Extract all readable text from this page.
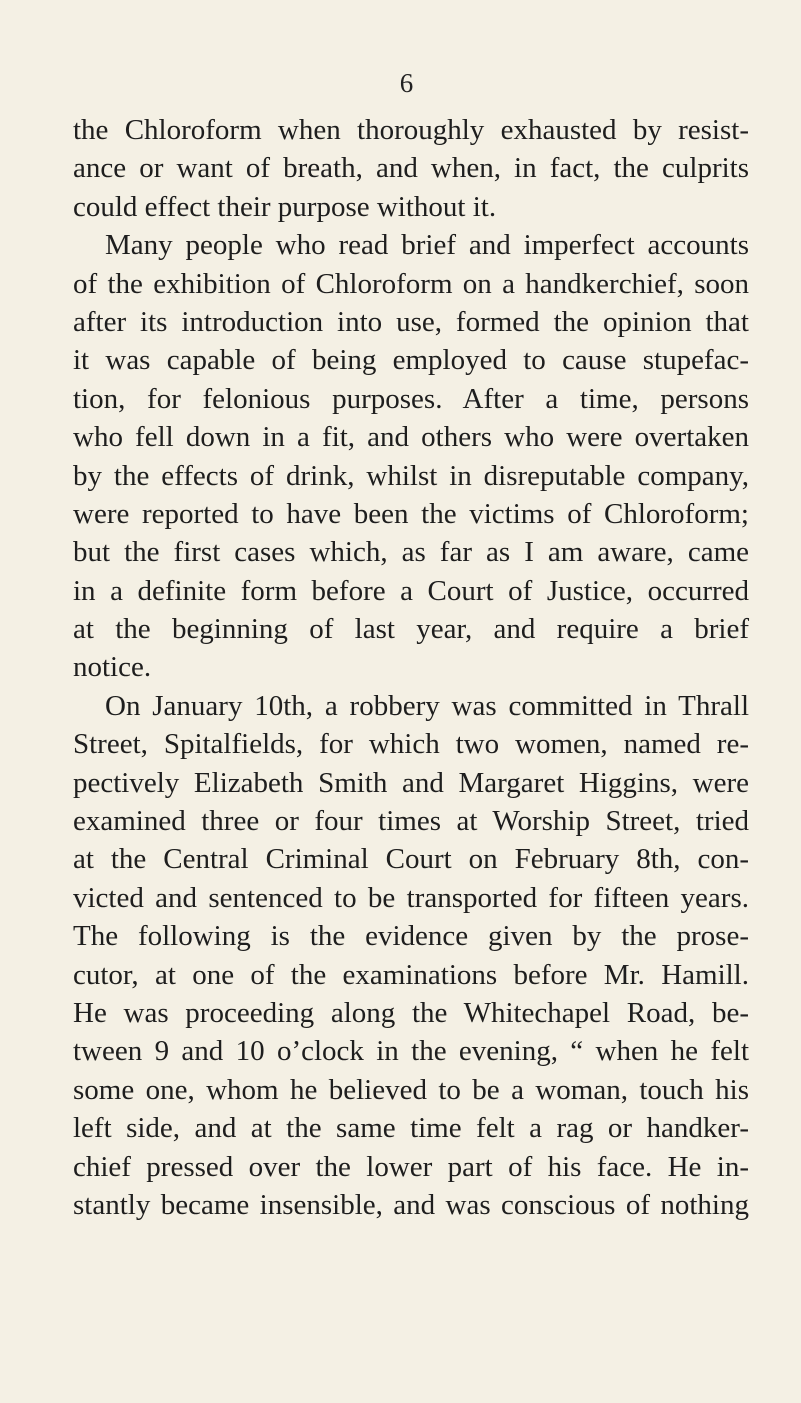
6
the Chloroform when thoroughly exhausted by resist-
ance or want of breath, and when, in fact, the culprits
could effect their purpose without it.
Many people who read brief and imperfect accounts
of the exhibition of Chloroform on a handkerchief, soon
after its introduction into use, formed the opinion that
it was capable of being employed to cause stupefac-
tion, for felonious purposes. After a time, persons
who fell down in a fit, and others who were overtaken
by the effects of drink, whilst in disreputable company,
were reported to have been the victims of Chloroform;
but the first cases which, as far as I am aware, came
in a definite form before a Court of Justice, occurred
at the beginning of last year, and require a brief
notice.
On January 10th, a robbery was committed in Thrall
Street, Spitalfields, for which two women, named re-
pectively Elizabeth Smith and Margaret Higgins, were
examined three or four times at Worship Street, tried
at the Central Criminal Court on February 8th, con-
victed and sentenced to be transported for fifteen years.
The following is the evidence given by the prose-
cutor, at one of the examinations before Mr. Hamill.
He was proceeding along the Whitechapel Road, be-
tween 9 and 10 o’clock in the evening, “ when he felt
some one, whom he believed to be a woman, touch his
left side, and at the same time felt a rag or handker-
chief pressed over the lower part of his face. He in-
stantly became insensible, and was conscious of nothing
